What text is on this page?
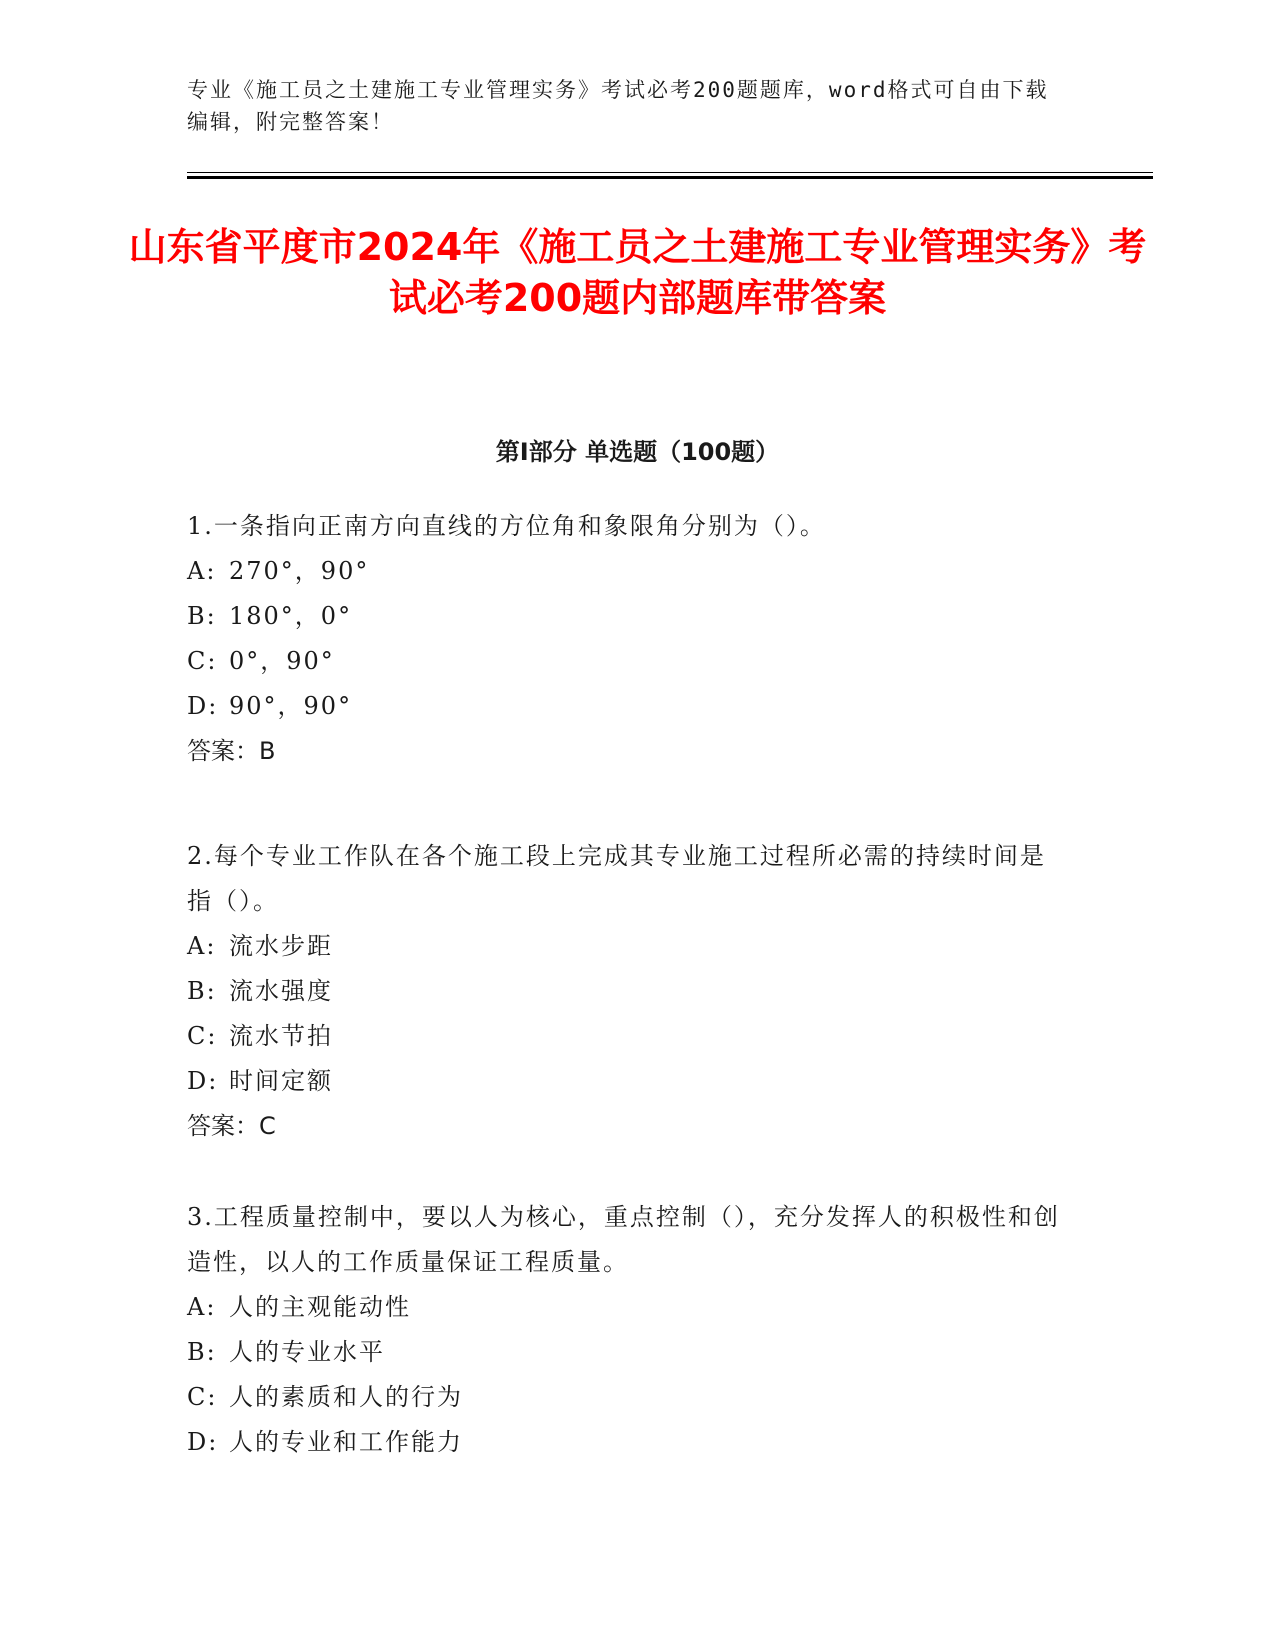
专业《施工员之土建施工专业管理实务》考试必考200题题库，word格式可自由下载编辑，附完整答案！
山东省平度市2024年《施工员之土建施工专业管理实务》考试必考200题内部题库带答案
第Ⅰ部分 单选题（100题）

1.一条指向正南方向直线的方位角和象限角分别为（）。

A: 270°，90°

B: 180°，0°

C: 0°，90°

D: 90°，90°

答案：B

2.每个专业工作队在各个施工段上完成其专业施工过程所必需的持续时间是指（）。

A: 流水步距

B: 流水强度

C: 流水节拍

D: 时间定额

答案：C

3.工程质量控制中，要以人为核心，重点控制（），充分发挥人的积极性和创造性，以人的工作质量保证工程质量。

A: 人的主观能动性

B: 人的专业水平

C: 人的素质和人的行为

D: 人的专业和工作能力
